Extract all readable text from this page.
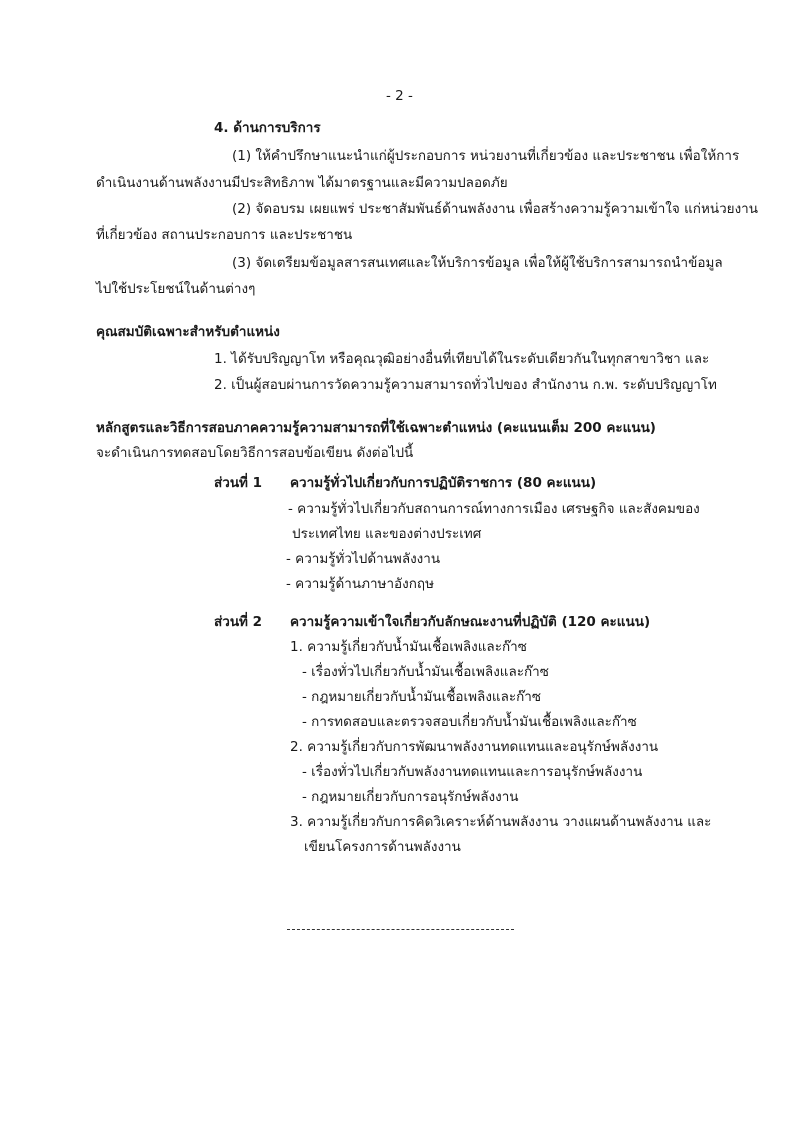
- 2 -
4. ด้านการบริการ
(1) ให้คำปรึกษาแนะนำแก่ผู้ประกอบการ หน่วยงานที่เกี่ยวข้อง และประชาชน เพื่อให้การ
ดำเนินงานด้านพลังงานมีประสิทธิภาพ ได้มาตรฐานและมีความปลอดภัย
(2) จัดอบรม เผยแพร่ ประชาสัมพันธ์ด้านพลังงาน เพื่อสร้างความรู้ความเข้าใจ แก่หน่วยงาน
ที่เกี่ยวข้อง สถานประกอบการ และประชาชน
(3) จัดเตรียมข้อมูลสารสนเทศและให้บริการข้อมูล เพื่อให้ผู้ใช้บริการสามารถนำข้อมูล
ไปใช้ประโยชน์ในด้านต่างๆ
คุณสมบัติเฉพาะสำหรับตำแหน่ง
1. ได้รับปริญญาโท หรือคุณวุฒิอย่างอื่นที่เทียบได้ในระดับเดียวกันในทุกสาขาวิชา และ
2. เป็นผู้สอบผ่านการวัดความรู้ความสามารถทั่วไปของ สำนักงาน ก.พ. ระดับปริญญาโท
หลักสูตรและวิธีการสอบภาคความรู้ความสามารถที่ใช้เฉพาะตำแหน่ง (คะแนนเต็ม 200 คะแนน)
จะดำเนินการทดสอบโดยวิธีการสอบข้อเขียน ดังต่อไปนี้
ส่วนที่ 1 ความรู้ทั่วไปเกี่ยวกับการปฏิบัติราชการ (80 คะแนน)
- ความรู้ทั่วไปเกี่ยวกับสถานการณ์ทางการเมือง เศรษฐกิจ และสังคมของ
ประเทศไทย และของต่างประเทศ
- ความรู้ทั่วไปด้านพลังงาน
- ความรู้ด้านภาษาอังกฤษ
ส่วนที่ 2 ความรู้ความเข้าใจเกี่ยวกับลักษณะงานที่ปฏิบัติ (120 คะแนน)
1. ความรู้เกี่ยวกับน้ำมันเชื้อเพลิงและก๊าซ
- เรื่องทั่วไปเกี่ยวกับน้ำมันเชื้อเพลิงและก๊าซ
- กฎหมายเกี่ยวกับน้ำมันเชื้อเพลิงและก๊าซ
- การทดสอบและตรวจสอบเกี่ยวกับน้ำมันเชื้อเพลิงและก๊าซ
2. ความรู้เกี่ยวกับการพัฒนาพลังงานทดแทนและอนุรักษ์พลังงาน
- เรื่องทั่วไปเกี่ยวกับพลังงานทดแทนและการอนุรักษ์พลังงาน
- กฎหมายเกี่ยวกับการอนุรักษ์พลังงาน
3. ความรู้เกี่ยวกับการคิดวิเคราะห์ด้านพลังงาน วางแผนด้านพลังงาน และ
เขียนโครงการด้านพลังงาน
